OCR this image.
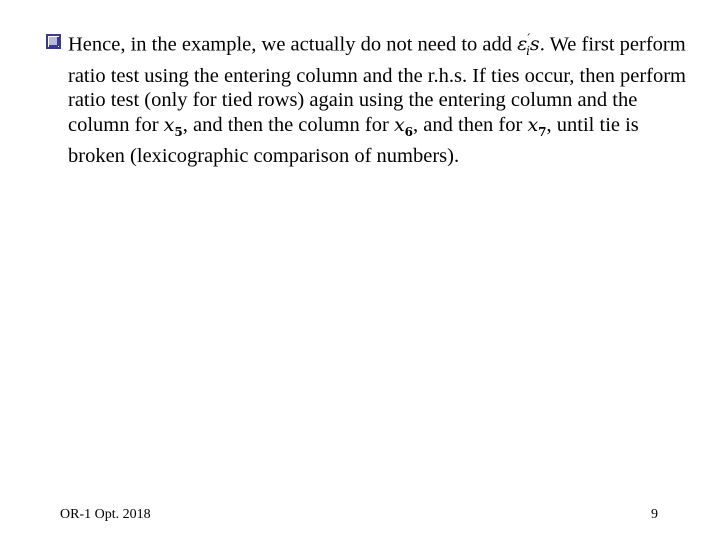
Hence, in the example, we actually do not need to add $\varepsilon'_is$. We first perform
ratio test using the entering column and the r.h.s. If ties occur, then perform
ratio test (only for tied rows) again using the entering column and the
column for $x_5$, and then the column for $x_6$, and then for $x_7$, until tie is
broken (lexicographic comparison of numbers).
OR-1 Opt. 2018	9
